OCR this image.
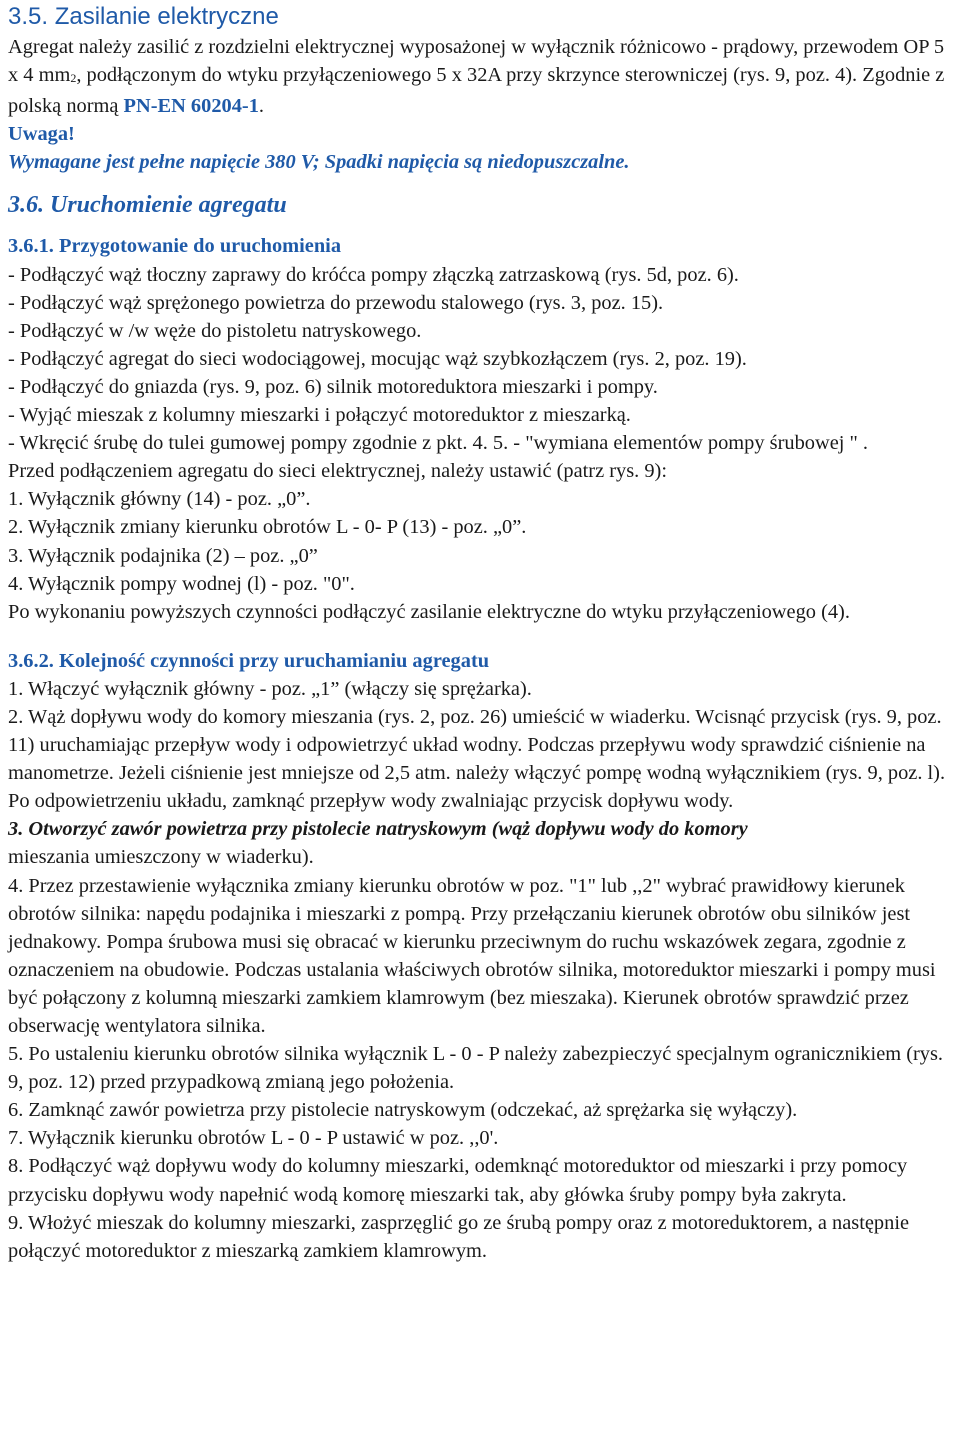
3.5. Zasilanie elektryczne

Agregat należy zasilić z rozdzielni elektrycznej wyposażonej w wyłącznik różnicowo - prądowy, przewodem OP 5 x 4 $mm_2$, podłączonym do wtyku przyłączeniowego 5 x 32A przy skrzynce sterowniczej (rys. 9, poz. 4). Zgodnie z polską normą PN-EN 60204-1.

Uwaga!

Wymagane jest pełne napięcie 380 V; Spadki napięcia są niedopuszczalne.

3.6. Uruchomienie agregatu

3.6.1. Przygotowanie do uruchomienia

- Podłączyć wąż tłoczny zaprawy do króćca pompy złączką zatrzaskową (rys. 5d, poz. 6).

- Podłączyć wąż sprężonego powietrza do przewodu stalowego (rys. 3, poz. 15).

- Podłączyć w /w węże do pistoletu natryskowego.

- Podłączyć agregat do sieci wodociągowej, mocując wąż szybkozłączem (rys. 2, poz. 19).

- Podłączyć do gniazda (rys. 9, poz. 6) silnik motoreduktora mieszarki i pompy.

- Wyjąć mieszak z kolumny mieszarki i połączyć motoreduktor z mieszarką.

- Wkręcić śrubę do tulei gumowej pompy zgodnie z pkt. 4. 5. - "wymiana elementów pompy śrubowej " .

Przed podłączeniem agregatu do sieci elektrycznej, należy ustawić (patrz rys. 9):

1. Wyłącznik główny (14) - poz. „0”.

2. Wyłącznik zmiany kierunku obrotów L - 0- P (13) - poz. „0”.

3. Wyłącznik podajnika (2) – poz. „0”

4. Wyłącznik pompy wodnej (l) - poz. "0".

Po wykonaniu powyższych czynności podłączyć zasilanie elektryczne do wtyku przyłączeniowego (4).

3.6.2. Kolejność czynności przy uruchamianiu agregatu

1. Włączyć wyłącznik główny - poz. „1” (włączy się sprężarka).

2. Wąż dopływu wody do komory mieszania (rys. 2, poz. 26) umieścić w wiaderku. Wcisnąć przycisk (rys. 9, poz. 11) uruchamiając przepływ wody i odpowietrzyć układ wodny. Podczas przepływu wody sprawdzić ciśnienie na manometrze. Jeżeli ciśnienie jest mniejsze od 2,5 atm. należy włączyć pompę wodną wyłącznikiem (rys. 9, poz. l). Po odpowietrzeniu układu, zamknąć przepływ wody zwalniając przycisk dopływu wody.

3. Otworzyć zawór powietrza przy pistolecie natryskowym (wąż dopływu wody do komory
mieszania umieszczony w wiaderku).

4. Przez przestawienie wyłącznika zmiany kierunku obrotów w poz. "1" lub ,,2" wybrać prawidłowy kierunek obrotów silnika: napędu podajnika i mieszarki z pompą. Przy przełączaniu kierunek obrotów obu silników jest jednakowy. Pompa śrubowa musi się obracać w kierunku przeciwnym do ruchu wskazówek zegara, zgodnie z oznaczeniem na obudowie. Podczas ustalania właściwych obrotów silnika, motoreduktor mieszarki i pompy musi być połączony z kolumną mieszarki zamkiem klamrowym (bez mieszaka). Kierunek obrotów sprawdzić przez obserwację wentylatora silnika.

5. Po ustaleniu kierunku obrotów silnika wyłącznik L - 0 - P należy zabezpieczyć specjalnym ogranicznikiem (rys. 9, poz. 12) przed przypadkową zmianą jego położenia.

6. Zamknąć zawór powietrza przy pistolecie natryskowym (odczekać, aż sprężarka się wyłączy).

7. Wyłącznik kierunku obrotów L - 0 - P ustawić w poz. ,,0'.

8. Podłączyć wąż dopływu wody do kolumny mieszarki, odemknąć motoreduktor od mieszarki i przy pomocy przycisku dopływu wody napełnić wodą komorę mieszarki tak, aby główka śruby pompy była zakryta.

9. Włożyć mieszak do kolumny mieszarki, zasprzęglić go ze śrubą pompy oraz z motoreduktorem, a następnie połączyć motoreduktor z mieszarką zamkiem klamrowym.
